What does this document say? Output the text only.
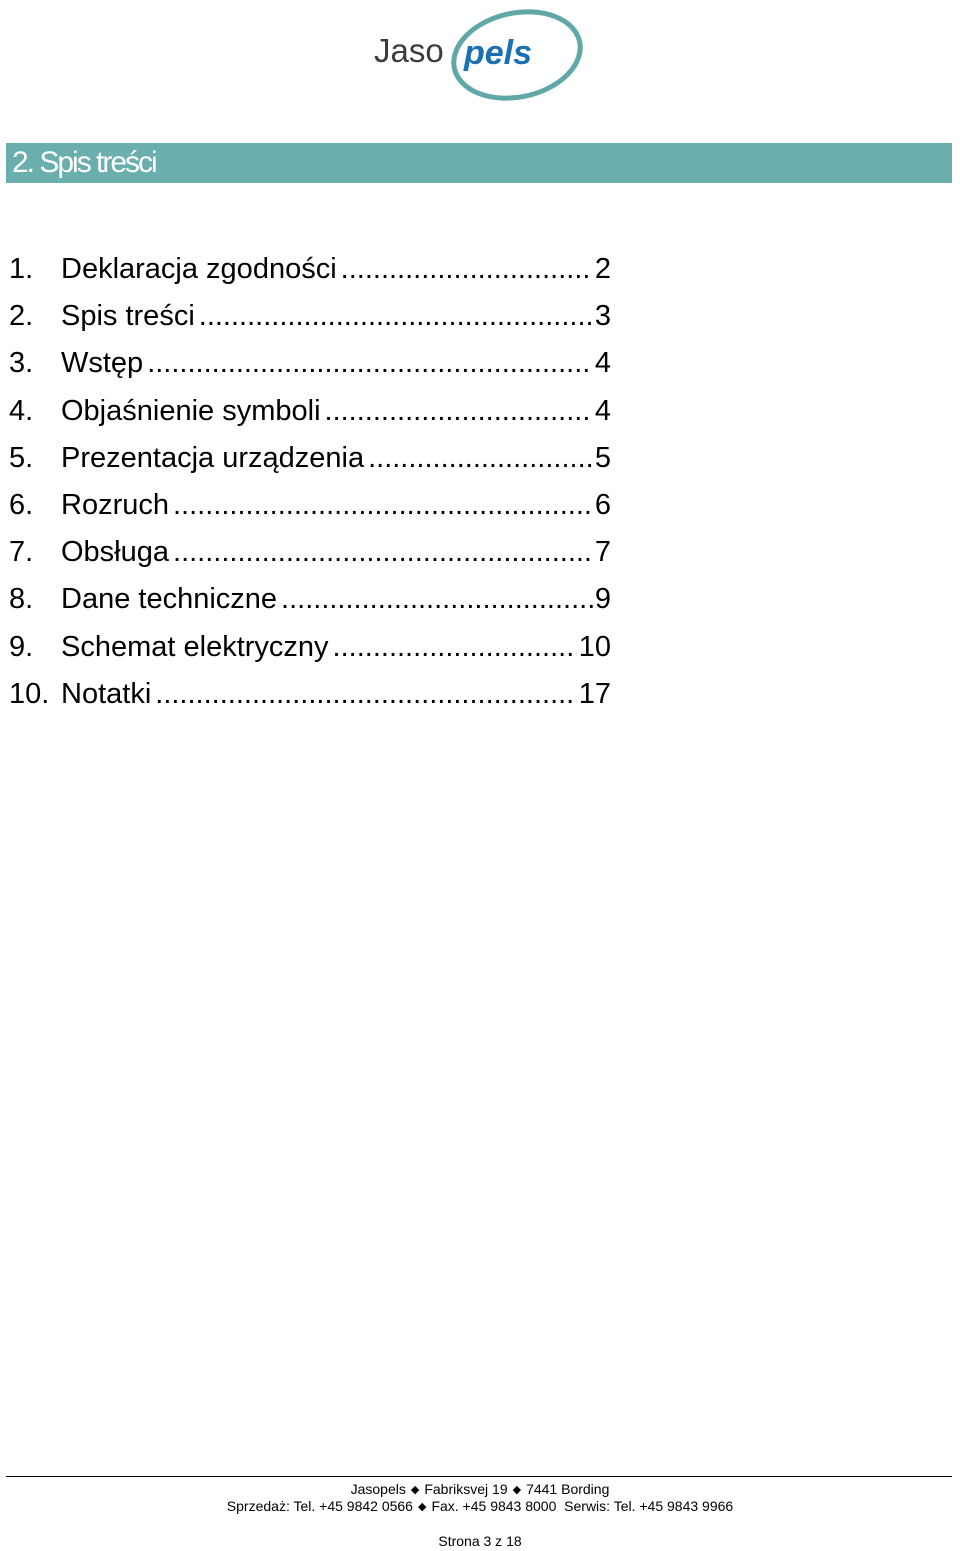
Jaso pels
2. Spis treści
1. Deklaracja zgodności .....	2
2. Spis treści .....	3
3. Wstęp .....	4
4. Objaśnienie symboli .....	4
5. Prezentacja urządzenia .....	5
6. Rozruch .....	6
7. Obsługa .....	7
8. Dane techniczne .....	9
9. Schemat elektryczny .....	10
10. Notatki .....	17
Jasopels ◆ Fabriksvej 19 ◆ 7441 Bording
Sprzedaż: Tel. +45 9842 0566 ◆ Fax. +45 9843 8000 Serwis: Tel. +45 9843 9966
Strona 3 z 18
